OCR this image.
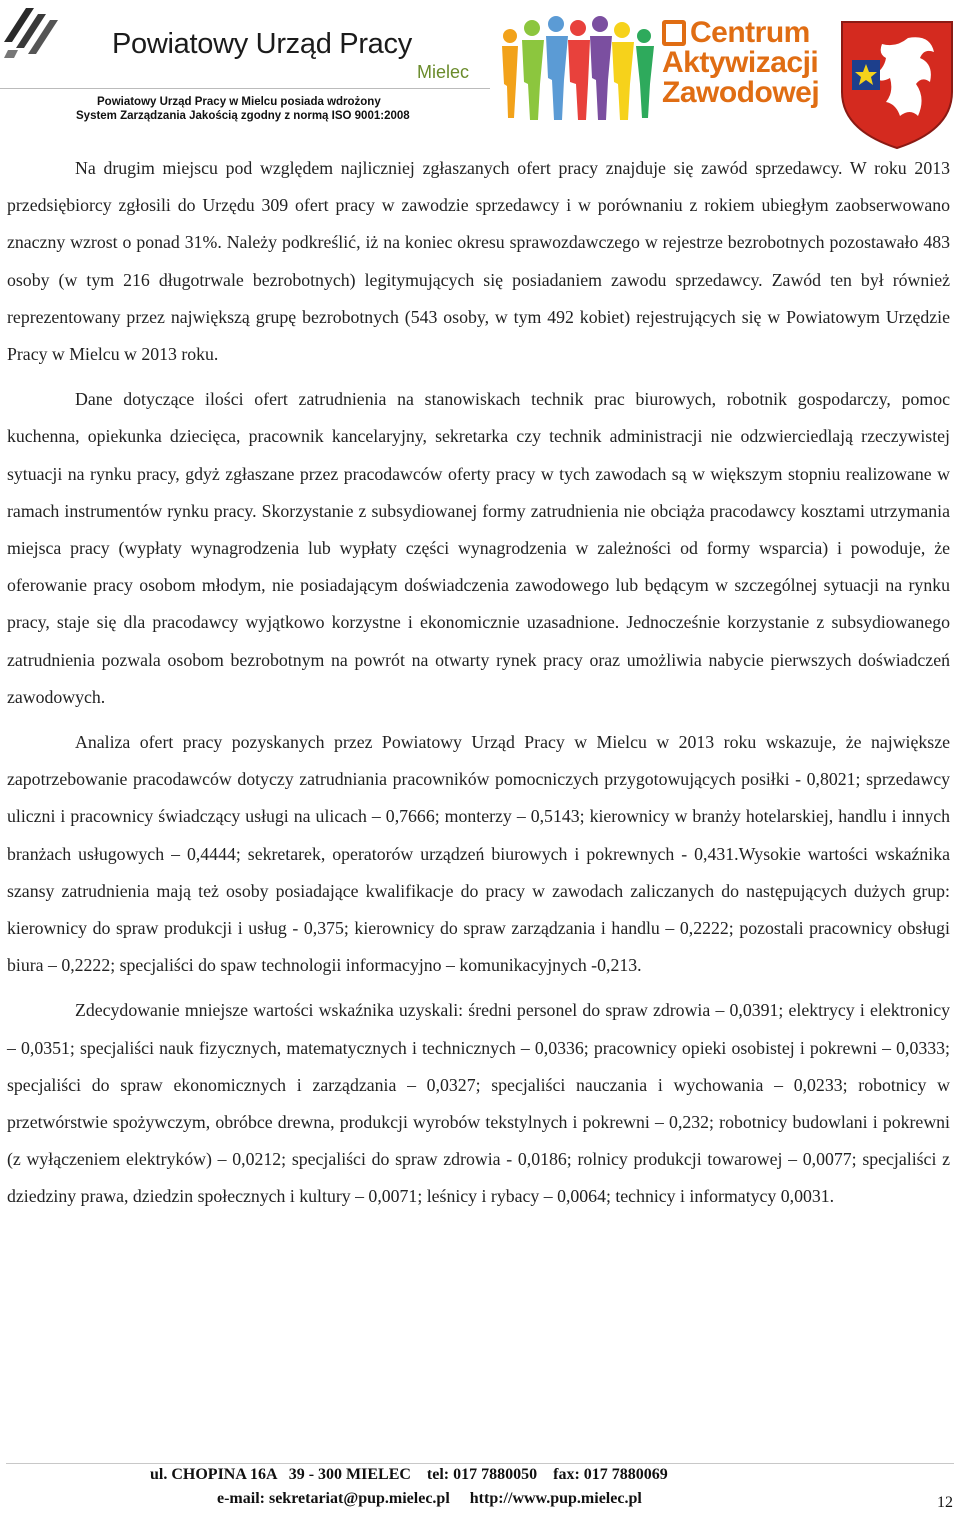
Powiatowy Urząd Pracy
Mielec
Powiatowy Urząd Pracy w Mielcu posiada wdrożony
System Zarządzania Jakością zgodny z normą ISO 9001:2008
Centrum
Aktywizacji
Zawodowej

Na drugim miejscu pod względem najliczniej zgłaszanych ofert pracy znajduje się zawód sprzedawcy. W roku 2013 przedsiębiorcy zgłosili do Urzędu 309 ofert pracy w zawodzie sprzedawcy i w porównaniu z rokiem ubiegłym zaobserwowano znaczny wzrost o ponad 31%. Należy podkreślić, iż na koniec okresu sprawozdawczego w rejestrze bezrobotnych pozostawało 483 osoby (w tym 216 długotrwale bezrobotnych) legitymujących się posiadaniem zawodu sprzedawcy. Zawód ten był również reprezentowany przez największą grupę bezrobotnych (543 osoby, w tym 492 kobiet) rejestrujących się w Powiatowym Urzędzie Pracy w Mielcu w 2013 roku.

Dane dotyczące ilości ofert zatrudnienia na stanowiskach technik prac biurowych, robotnik gospodarczy, pomoc kuchenna, opiekunka dziecięca, pracownik kancelaryjny, sekretarka czy technik administracji nie odzwierciedlają rzeczywistej sytuacji na rynku pracy, gdyż zgłaszane przez pracodawców oferty pracy w tych zawodach są w większym stopniu realizowane w ramach instrumentów rynku pracy. Skorzystanie z subsydiowanej formy zatrudnienia nie obciąża pracodawcy kosztami utrzymania miejsca pracy (wypłaty wynagrodzenia lub wypłaty części wynagrodzenia w zależności od formy wsparcia) i powoduje, że oferowanie pracy osobom młodym, nie posiadającym doświadczenia zawodowego lub będącym w szczególnej sytuacji na rynku pracy, staje się dla pracodawcy wyjątkowo korzystne i ekonomicznie uzasadnione. Jednocześnie korzystanie z subsydiowanego zatrudnienia pozwala osobom bezrobotnym na powrót na otwarty rynek pracy oraz umożliwia nabycie pierwszych doświadczeń zawodowych.

Analiza ofert pracy pozyskanych przez Powiatowy Urząd Pracy w Mielcu w 2013 roku wskazuje, że największe zapotrzebowanie pracodawców dotyczy zatrudniania pracowników pomocniczych przygotowujących posiłki - 0,8021; sprzedawcy uliczni i pracownicy świadczący usługi na ulicach – 0,7666; monterzy – 0,5143; kierownicy w branży hotelarskiej, handlu i innych branżach usługowych – 0,4444; sekretarek, operatorów urządzeń biurowych i pokrewnych - 0,431.Wysokie wartości wskaźnika szansy zatrudnienia mają też osoby posiadające kwalifikacje do pracy w zawodach zaliczanych do następujących dużych grup: kierownicy do spraw produkcji i usług - 0,375; kierownicy do spraw zarządzania i handlu – 0,2222; pozostali pracownicy obsługi biura – 0,2222; specjaliści do spaw technologii informacyjno – komunikacyjnych -0,213.

Zdecydowanie mniejsze wartości wskaźnika uzyskali: średni personel do spraw zdrowia – 0,0391; elektrycy i elektronicy – 0,0351; specjaliści nauk fizycznych, matematycznych i technicznych – 0,0336; pracownicy opieki osobistej i pokrewni – 0,0333; specjaliści do spraw ekonomicznych i zarządzania – 0,0327; specjaliści nauczania i wychowania – 0,0233; robotnicy w przetwórstwie spożywczym, obróbce drewna, produkcji wyrobów tekstylnych i pokrewni – 0,232; robotnicy budowlani i pokrewni (z wyłączeniem elektryków) – 0,0212; specjaliści do spraw zdrowia - 0,0186; rolnicy produkcji towarowej – 0,0077; specjaliści z dziedziny prawa, dziedzin społecznych i kultury – 0,0071; leśnicy i rybacy – 0,0064; technicy i informatycy 0,0031.

ul. CHOPINA 16A   39 - 300 MIELEC    tel: 017 7880050    fax: 017 7880069
e-mail: sekretariat@pup.mielec.pl     http://www.pup.mielec.pl	12
